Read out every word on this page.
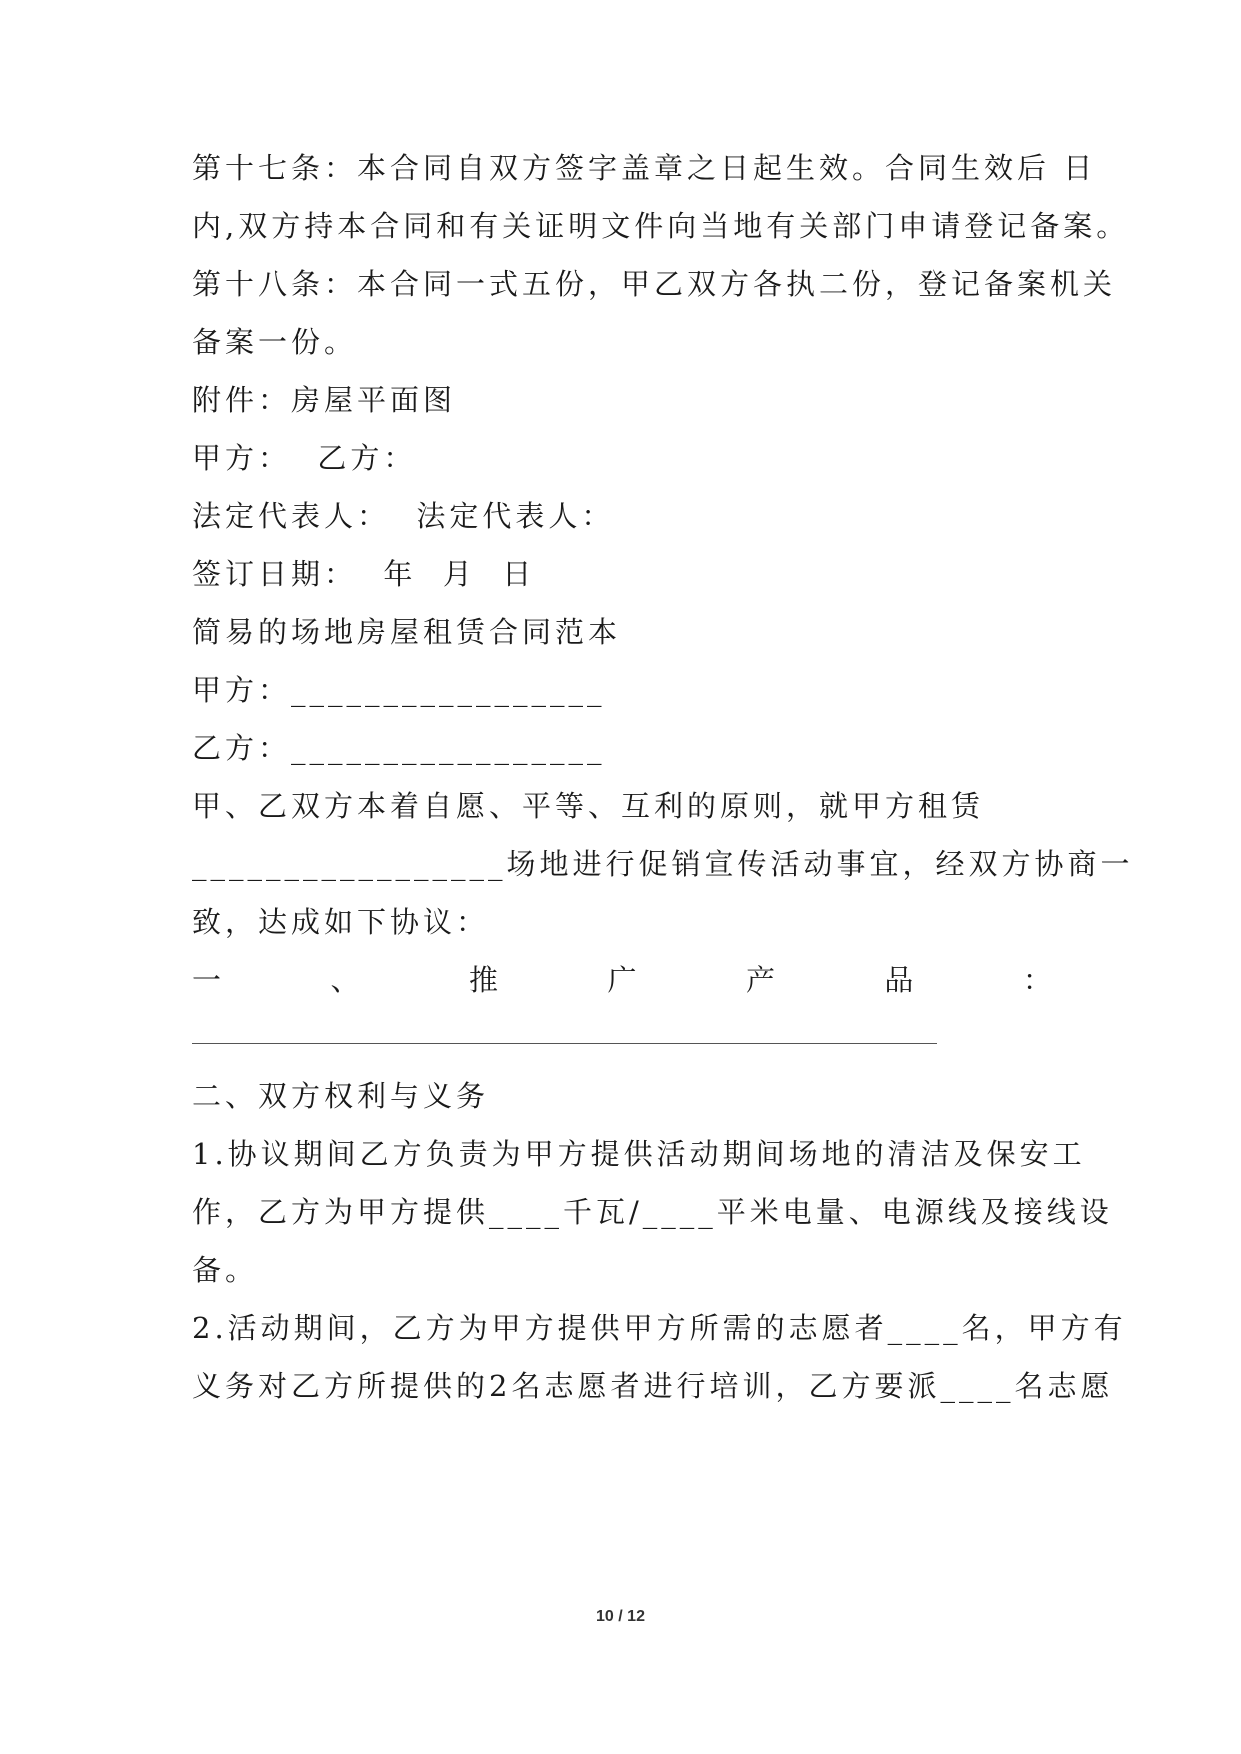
第十七条：本合同自双方签字盖章之日起生效。合同生效后 日
内,双方持本合同和有关证明文件向当地有关部门申请登记备案。
第十八条：本合同一式五份，甲乙双方各执二份，登记备案机关
备案一份。
附件：房屋平面图
甲方：  乙方：
法定代表人：  法定代表人：
签订日期：  年  月  日
简易的场地房屋租赁合同范本
甲方：_________________
乙方：_________________
甲、乙双方本着自愿、平等、互利的原则，就甲方租赁
_________________场地进行促销宣传活动事宜，经双方协商一
致，达成如下协议：
一	、	推	广	产	品	：
二、双方权利与义务
1.协议期间乙方负责为甲方提供活动期间场地的清洁及保安工
作，乙方为甲方提供____千瓦/____平米电量、电源线及接线设
备。
2.活动期间，乙方为甲方提供甲方所需的志愿者____名，甲方有
义务对乙方所提供的2名志愿者进行培训，乙方要派____名志愿
10 / 12
